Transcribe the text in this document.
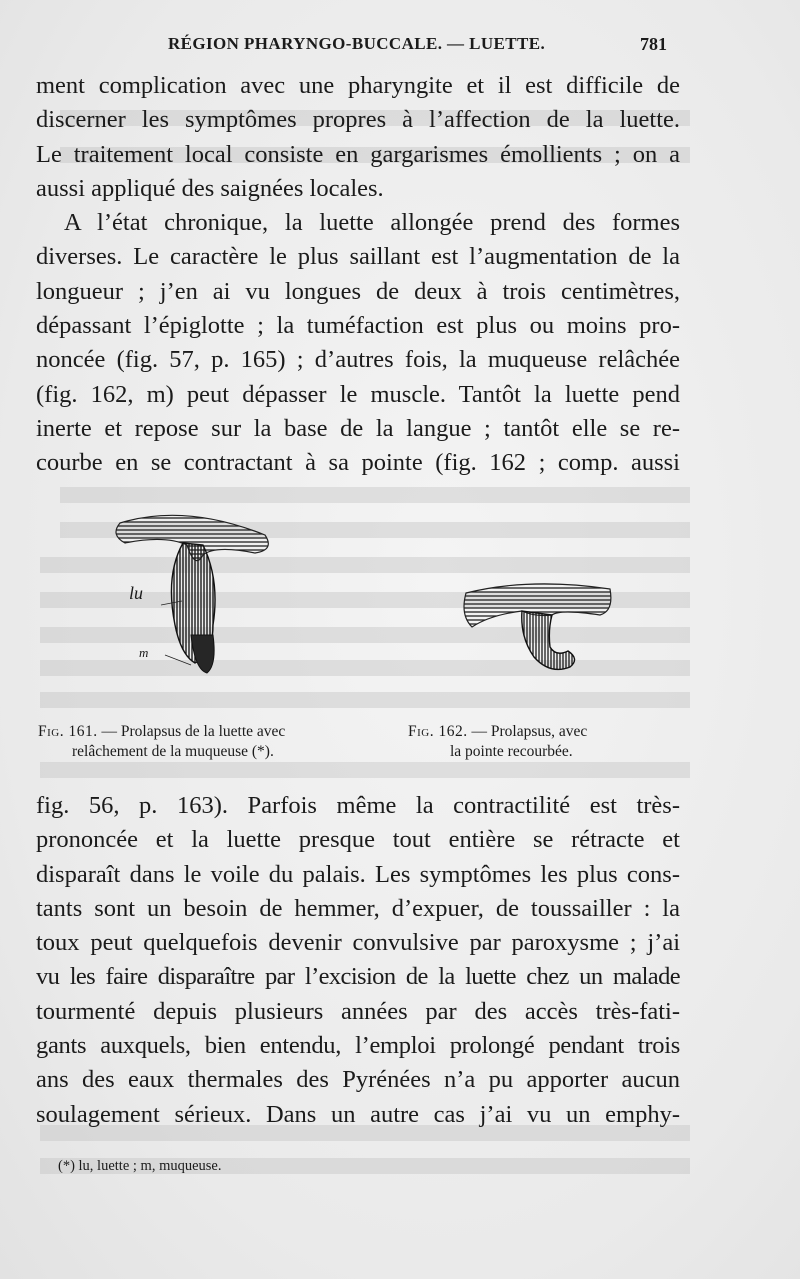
RÉGION PHARYNGO-BUCCALE. — LUETTE.	781

ment complication avec une pharyngite et il est difficile de
discerner les symptômes propres à l’affection de la luette.
Le traitement local consiste en gargarismes émollients ; on a
aussi appliqué des saignées locales.

A l’état chronique, la luette allongée prend des formes
diverses. Le caractère le plus saillant est l’augmentation de la
longueur ; j’en ai vu longues de deux à trois centimètres,
dépassant l’épiglotte ; la tuméfaction est plus ou moins pro-
noncée (fig. 57, p. 165) ; d’autres fois, la muqueuse relâchée
(fig. 162, m) peut dépasser le muscle. Tantôt la luette pend
inerte et repose sur la base de la langue ; tantôt elle se re-
courbe en se contractant à sa pointe (fig. 162 ; comp. aussi

lu
m
Fig. 161. — Prolapsus de la luette avec
relâchement de la muqueuse (*).
Fig. 162. — Prolapsus, avec
la pointe recourbée.

fig. 56, p. 163). Parfois même la contractilité est très-
prononcée et la luette presque tout entière se rétracte et
disparaît dans le voile du palais. Les symptômes les plus cons-
tants sont un besoin de hemmer, d’expuer, de toussailler : la
toux peut quelquefois devenir convulsive par paroxysme ; j’ai
vu les faire disparaître par l’excision de la luette chez un malade
tourmenté depuis plusieurs années par des accès très-fati-
gants auxquels, bien entendu, l’emploi prolongé pendant trois
ans des eaux thermales des Pyrénées n’a pu apporter aucun
soulagement sérieux. Dans un autre cas j’ai vu un emphy-

(*) lu, luette ; m, muqueuse.
